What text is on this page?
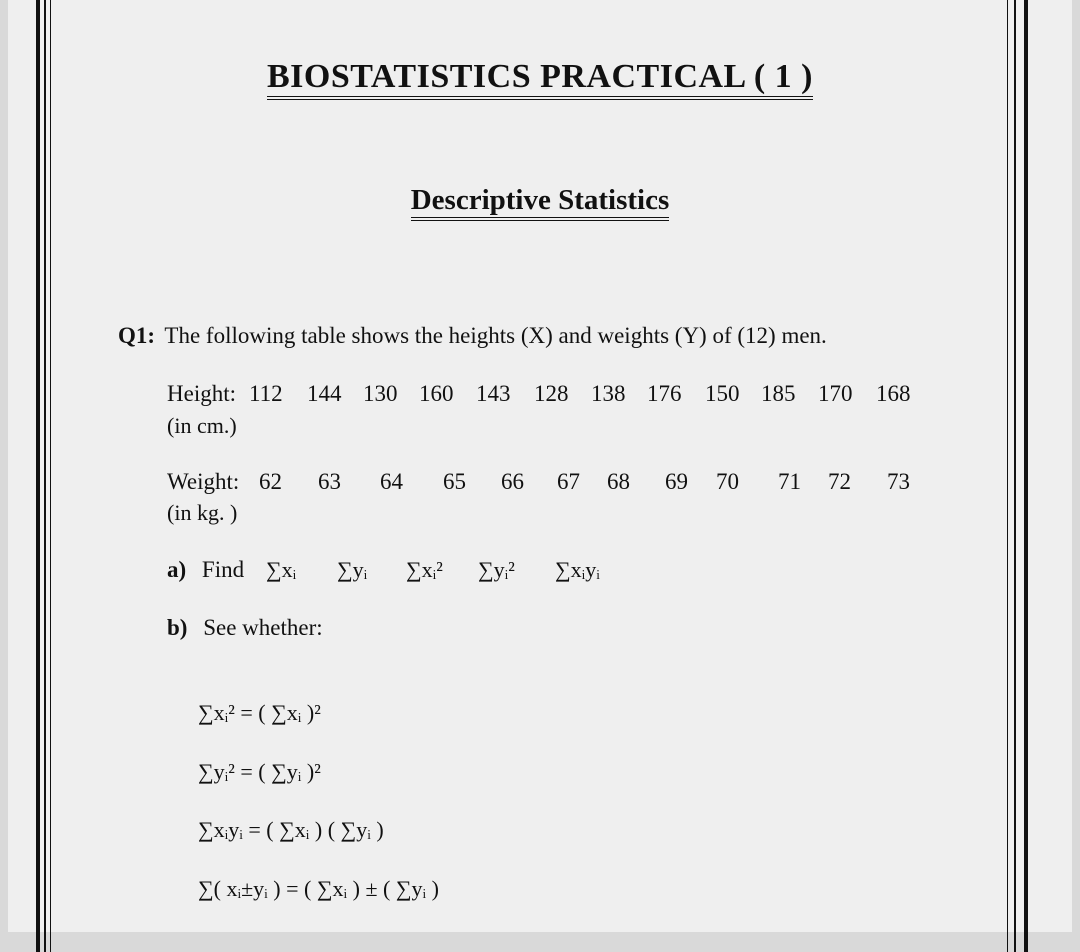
BIOSTATISTICS PRACTICAL ( 1 )
Descriptive Statistics
Q1: The following table shows the heights (X) and weights (Y) of (12) men.
Height: 112 144 130 160 143 128 138 176 150 185 170 168
(in cm.)
Weight: 62 63 64 65 66 67 68 69 70 71 72 73
(in kg. )
a) Find ∑xᵢ ∑yᵢ ∑xᵢ² ∑yᵢ² ∑xᵢyᵢ
b) See whether:
∑xᵢ² = ( ∑xᵢ )²
∑yᵢ² = ( ∑yᵢ )²
∑xᵢyᵢ = ( ∑xᵢ ) ( ∑yᵢ )
∑( xᵢ±yᵢ ) = ( ∑xᵢ ) ± ( ∑yᵢ )
